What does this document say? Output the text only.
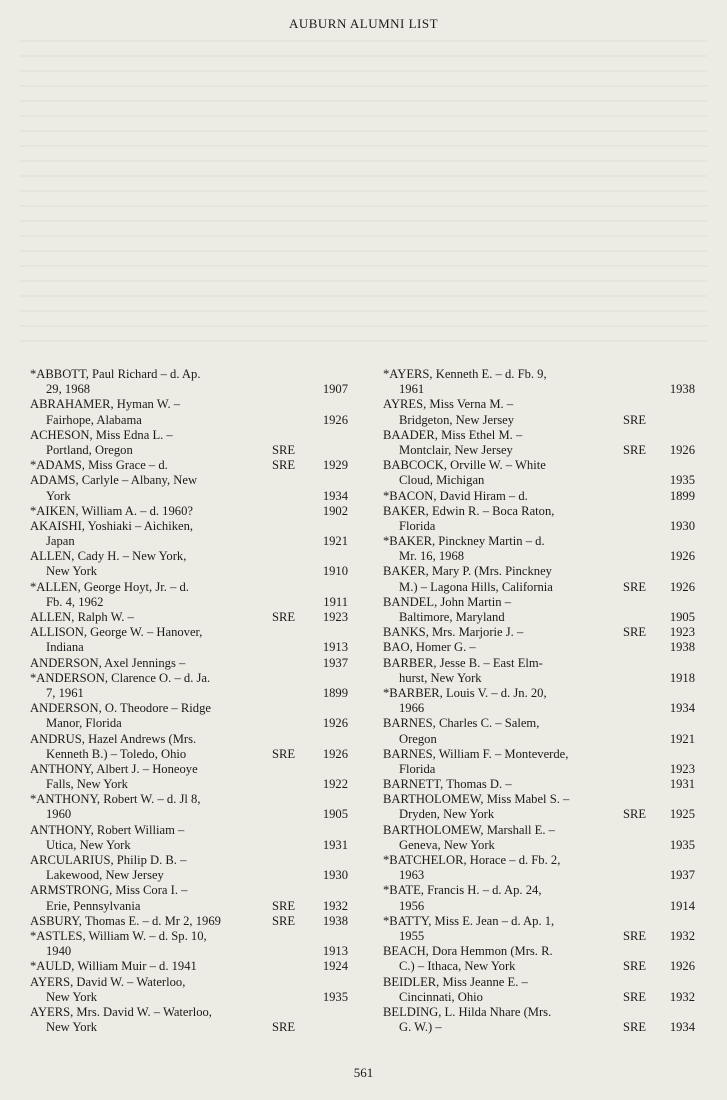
AUBURN ALUMNI LIST
*ABBOTT, Paul Richard – d. Ap.
29, 1968	1907
ABRAHAMER, Hyman W. –
Fairhope, Alabama	1926
ACHESON, Miss Edna L. –
Portland, Oregon	SRE
*ADAMS, Miss Grace – d.	SRE 1929
ADAMS, Carlyle – Albany, New
York	1934
*AIKEN, William A. – d. 1960?	1902
AKAISHI, Yoshiaki – Aichiken,
Japan	1921
ALLEN, Cady H. – New York,
New York	1910
*ALLEN, George Hoyt, Jr. – d.
Fb. 4, 1962	1911
ALLEN, Ralph W. –	SRE 1923
ALLISON, George W. – Hanover,
Indiana	1913
ANDERSON, Axel Jennings –	1937
*ANDERSON, Clarence O. – d. Ja.
7, 1961	1899
ANDERSON, O. Theodore – Ridge
Manor, Florida	1926
ANDRUS, Hazel Andrews (Mrs.
Kenneth B.) – Toledo, Ohio	SRE 1926
ANTHONY, Albert J. – Honeoye
Falls, New York	1922
*ANTHONY, Robert W. – d. Jl 8,
1960	1905
ANTHONY, Robert William –
Utica, New York	1931
ARCULARIUS, Philip D. B. –
Lakewood, New Jersey	1930
ARMSTRONG, Miss Cora I. –
Erie, Pennsylvania	SRE 1932
ASBURY, Thomas E. – d. Mr 2, 1969	SRE 1938
*ASTLES, William W. – d. Sp. 10,
1940	1913
*AULD, William Muir – d. 1941	1924
AYERS, David W. – Waterloo,
New York	1935
AYERS, Mrs. David W. – Waterloo,
New York	SRE
*AYERS, Kenneth E. – d. Fb. 9,
1961	1938
AYRES, Miss Verna M. –
Bridgeton, New Jersey	SRE
BAADER, Miss Ethel M. –
Montclair, New Jersey	SRE 1926
BABCOCK, Orville W. – White
Cloud, Michigan	1935
*BACON, David Hiram – d.	1899
BAKER, Edwin R. – Boca Raton,
Florida	1930
*BAKER, Pinckney Martin – d.
Mr. 16, 1968	1926
BAKER, Mary P. (Mrs. Pinckney
M.) – Lagona Hills, California	SRE 1926
BANDEL, John Martin –
Baltimore, Maryland	1905
BANKS, Mrs. Marjorie J. –	SRE 1923
BAO, Homer G. –	1938
BARBER, Jesse B. – East Elm-
hurst, New York	1918
*BARBER, Louis V. – d. Jn. 20,
1966	1934
BARNES, Charles C. – Salem,
Oregon	1921
BARNES, William F. – Monteverde,
Florida	1923
BARNETT, Thomas D. –	1931
BARTHOLOMEW, Miss Mabel S. –
Dryden, New York	SRE 1925
BARTHOLOMEW, Marshall E. –
Geneva, New York	1935
*BATCHELOR, Horace – d. Fb. 2,
1963	1937
*BATE, Francis H. – d. Ap. 24,
1956	1914
*BATTY, Miss E. Jean – d. Ap. 1,
1955	SRE 1932
BEACH, Dora Hemmon (Mrs. R.
C.) – Ithaca, New York	SRE 1926
BEIDLER, Miss Jeanne E. –
Cincinnati, Ohio	SRE 1932
BELDING, L. Hilda Nhare (Mrs.
G. W.) –	SRE 1934
561
